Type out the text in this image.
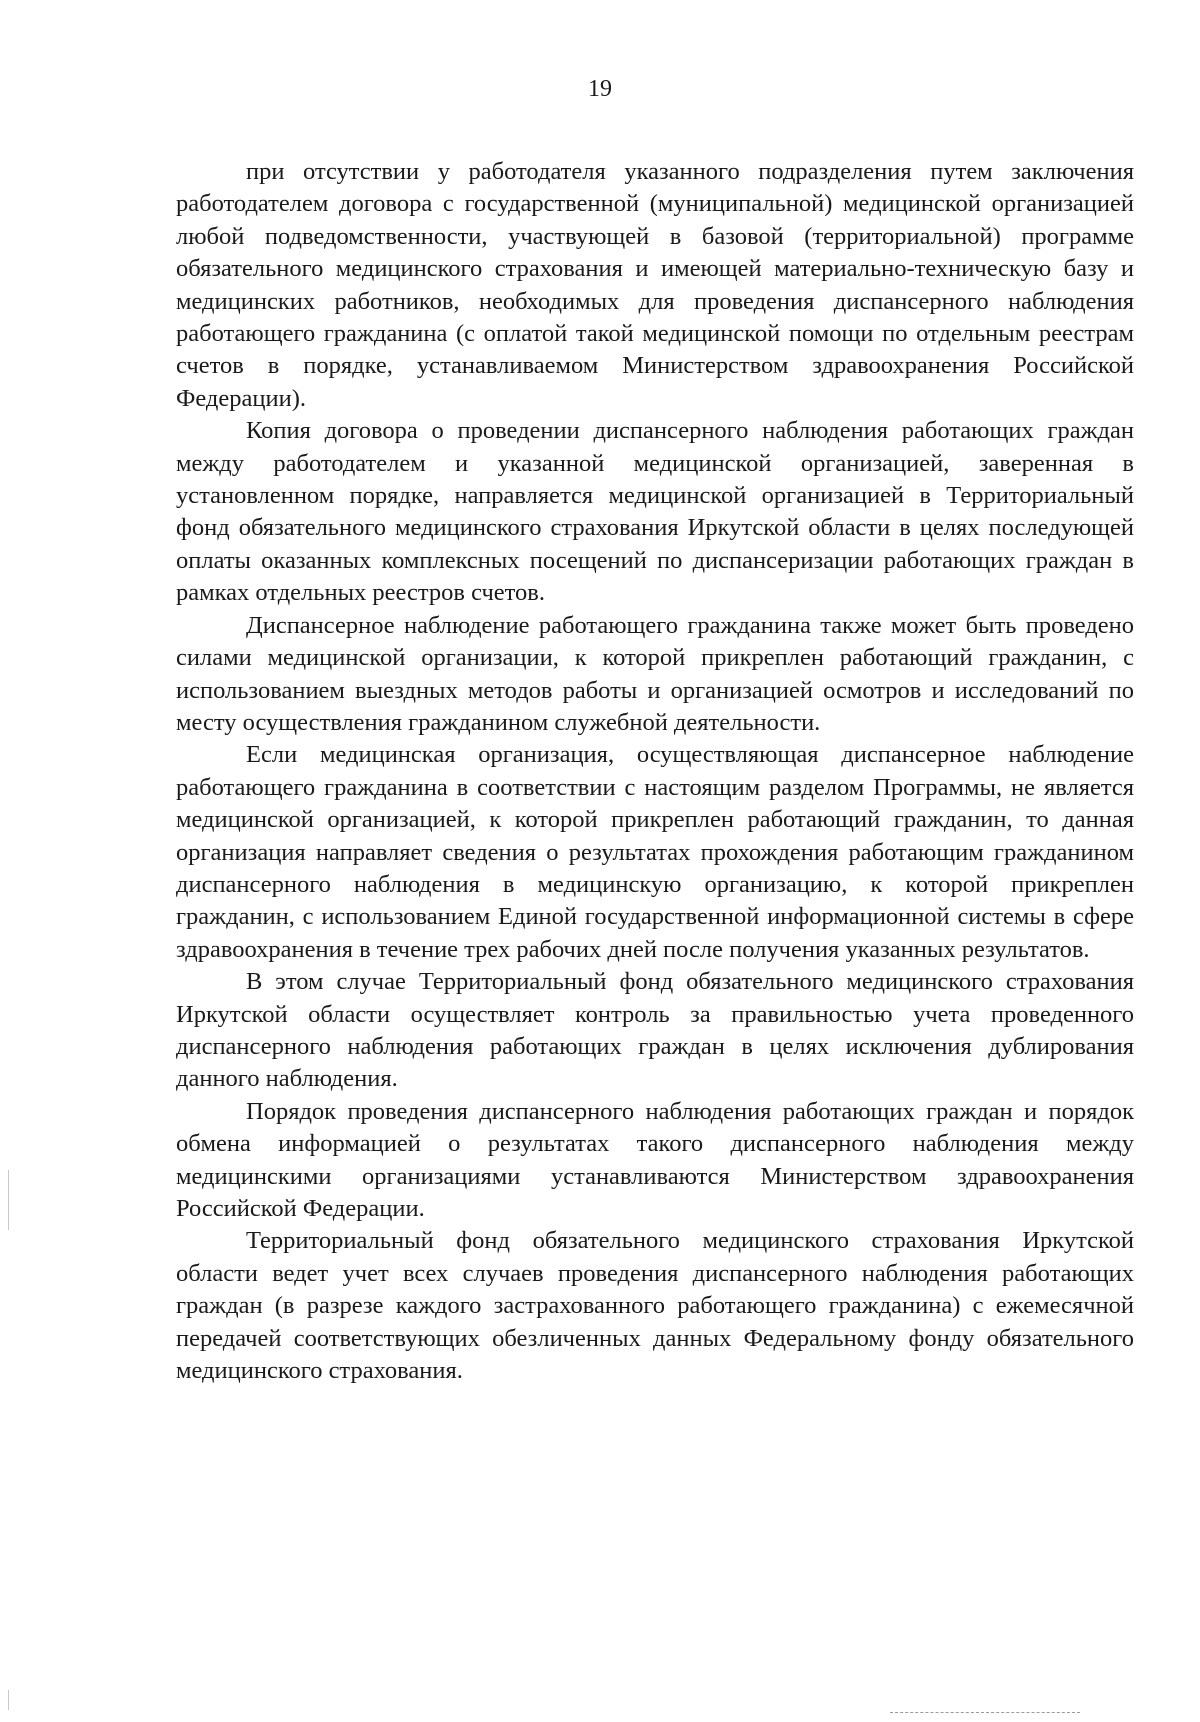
19

при отсутствии у работодателя указанного подразделения путем заключения работодателем договора с государственной (муниципальной) медицинской организацией любой подведомственности, участвующей в базовой (территориальной) программе обязательного медицинского страхования и имеющей материально-техническую базу и медицинских работников, необходимых для проведения диспансерного наблюдения работающего гражданина (с оплатой такой медицинской помощи по отдельным реестрам счетов в порядке, устанавливаемом Министерством здравоохранения Российской Федерации).

Копия договора о проведении диспансерного наблюдения работающих граждан между работодателем и указанной медицинской организацией, заверенная в установленном порядке, направляется медицинской организацией в Территориальный фонд обязательного медицинского страхования Иркутской области в целях последующей оплаты оказанных комплексных посещений по диспансеризации работающих граждан в рамках отдельных реестров счетов.

Диспансерное наблюдение работающего гражданина также может быть проведено силами медицинской организации, к которой прикреплен работающий гражданин, с использованием выездных методов работы и организацией осмотров и исследований по месту осуществления гражданином служебной деятельности.

Если медицинская организация, осуществляющая диспансерное наблюдение работающего гражданина в соответствии с настоящим разделом Программы, не является медицинской организацией, к которой прикреплен работающий гражданин, то данная организация направляет сведения о результатах прохождения работающим гражданином диспансерного наблюдения в медицинскую организацию, к которой прикреплен гражданин, с использованием Единой государственной информационной системы в сфере здравоохранения в течение трех рабочих дней после получения указанных результатов.

В этом случае Территориальный фонд обязательного медицинского страхования Иркутской области осуществляет контроль за правильностью учета проведенного диспансерного наблюдения работающих граждан в целях исключения дублирования данного наблюдения.

Порядок проведения диспансерного наблюдения работающих граждан и порядок обмена информацией о результатах такого диспансерного наблюдения между медицинскими организациями устанавливаются Министерством здравоохранения Российской Федерации.

Территориальный фонд обязательного медицинского страхования Иркутской области ведет учет всех случаев проведения диспансерного наблюдения работающих граждан (в разрезе каждого застрахованного работающего гражданина) с ежемесячной передачей соответствующих обезличенных данных Федеральному фонду обязательного медицинского страхования.
